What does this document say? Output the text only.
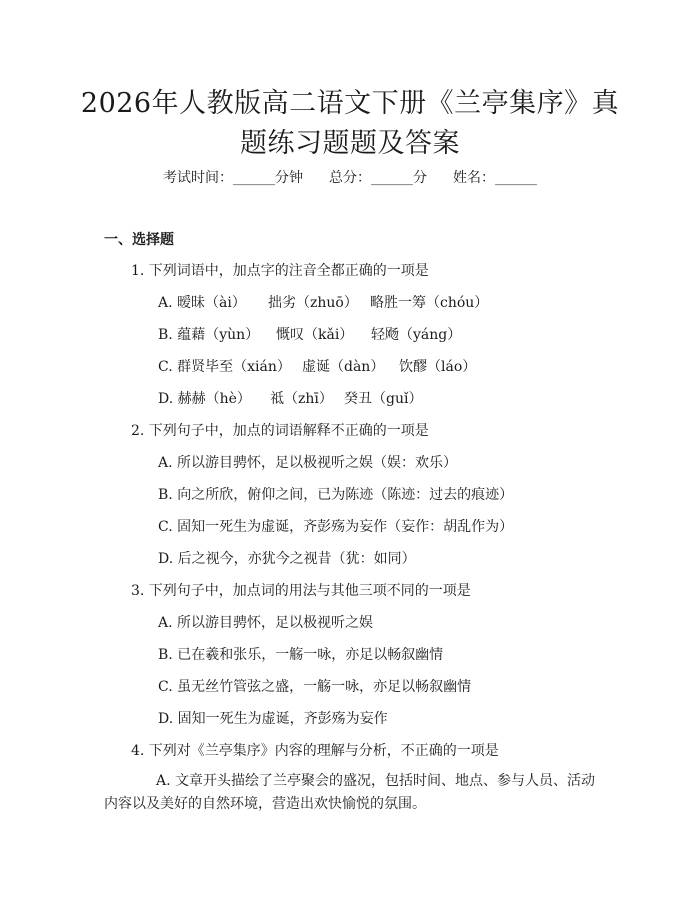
2026年人教版高二语文下册《兰亭集序》真
题练习题题及答案
考试时间：______分钟 总分：______分 姓名：______
一、选择题
1. 下列词语中，加点字的注音全都正确的一项是
A. 暧昧（ài） 拙劣（zhuō） 略胜一筹（chóu）
B. 蕴藉（yùn） 慨叹（kǎi） 轻飏（yáng）
C. 群贤毕至（xián） 虚诞（dàn） 饮醪（láo）
D. 赫赫（hè） 祗（zhī） 癸丑（guǐ）
2. 下列句子中，加点的词语解释不正确的一项是
A. 所以游目骋怀，足以极视听之娱（娱：欢乐）
B. 向之所欣，俯仰之间，已为陈迹（陈迹：过去的痕迹）
C. 固知一死生为虚诞，齐彭殇为妄作（妄作：胡乱作为）
D. 后之视今，亦犹今之视昔（犹：如同）
3. 下列句子中，加点词的用法与其他三项不同的一项是
A. 所以游目骋怀，足以极视听之娱
B. 已在羲和张乐，一觞一咏，亦足以畅叙幽情
C. 虽无丝竹管弦之盛，一觞一咏，亦足以畅叙幽情
D. 固知一死生为虚诞，齐彭殇为妄作
4. 下列对《兰亭集序》内容的理解与分析，不正确的一项是
A. 文章开头描绘了兰亭聚会的盛况，包括时间、地点、参与人员、活动内容以及美好的自然环境，营造出欢快愉悦的氛围。
